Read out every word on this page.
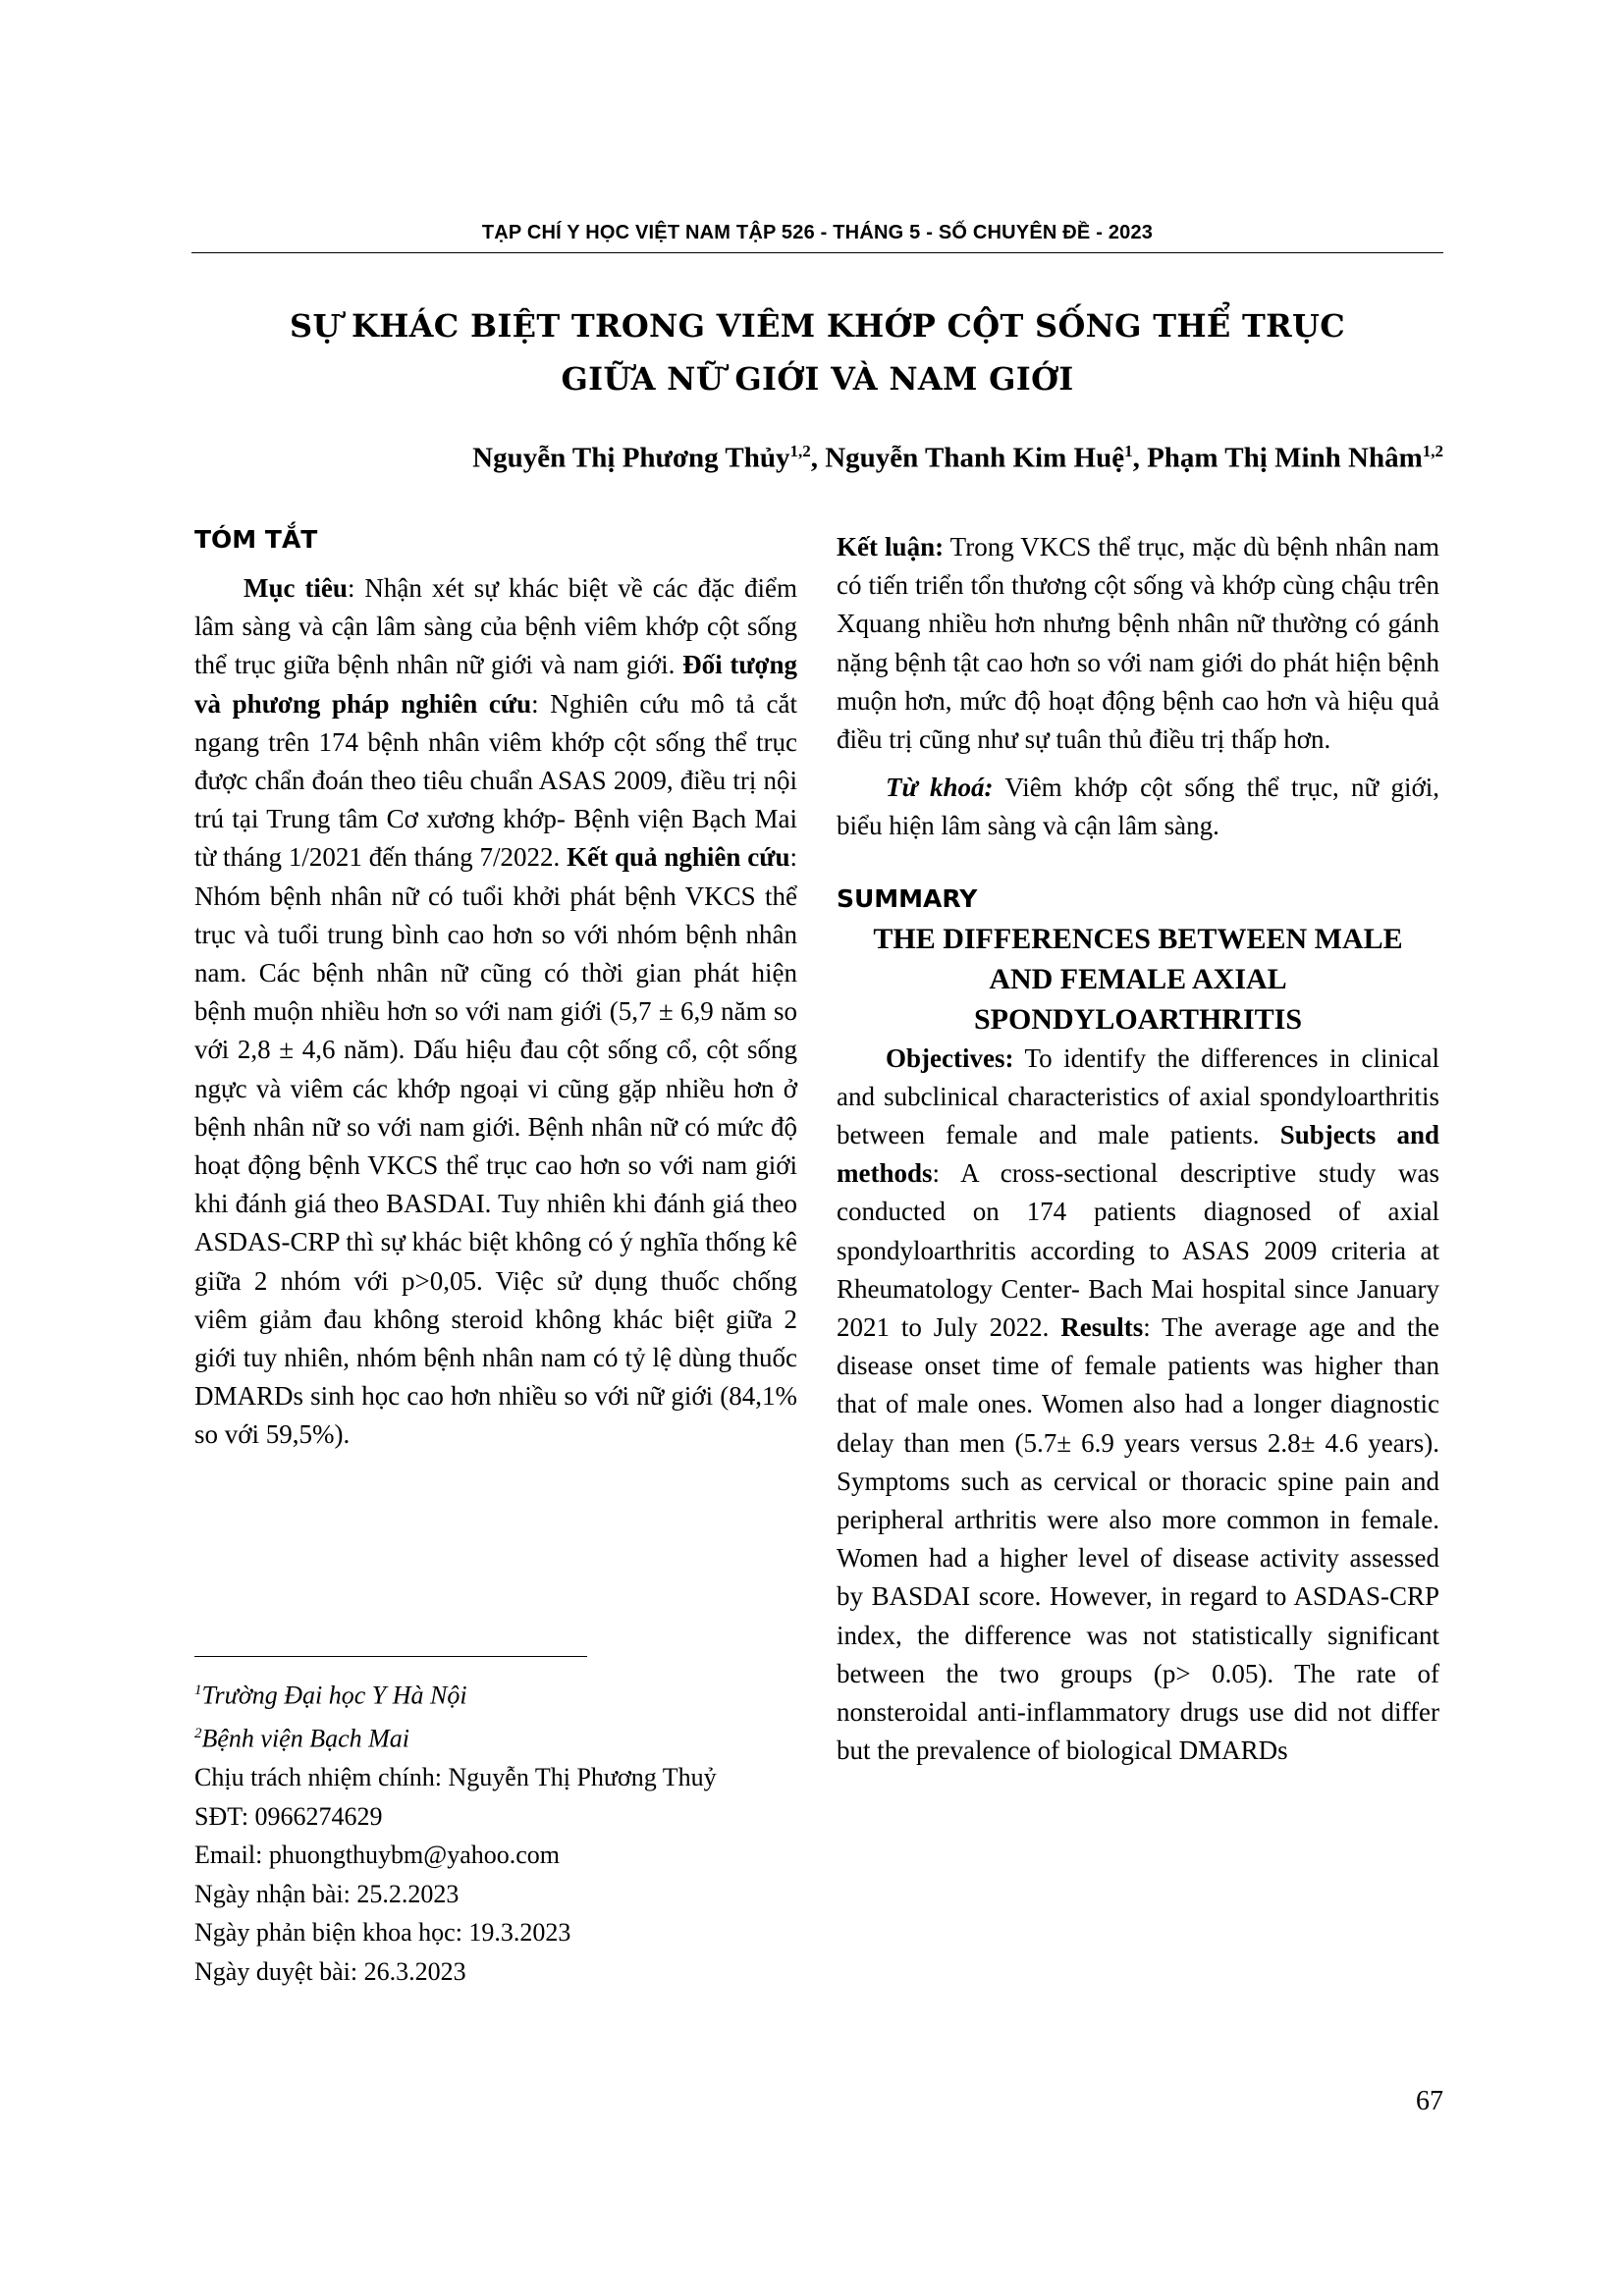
TẠP CHÍ Y HỌC VIỆT NAM TẬP 526 - THÁNG 5 - SỐ CHUYÊN ĐỀ - 2023
SỰ KHÁC BIỆT TRONG VIÊM KHỚP CỘT SỐNG THỂ TRỤC
GIỮA NỮ GIỚI VÀ NAM GIỚI
Nguyễn Thị Phương Thủy$^{1,2}$, Nguyễn Thanh Kim Huệ$^1$, Phạm Thị Minh Nhâm$^{1,2}$
TÓM TẮT

Mục tiêu: Nhận xét sự khác biệt về các đặc điểm lâm sàng và cận lâm sàng của bệnh viêm khớp cột sống thể trục giữa bệnh nhân nữ giới và nam giới. Đối tượng và phương pháp nghiên cứu: Nghiên cứu mô tả cắt ngang trên 174 bệnh nhân viêm khớp cột sống thể trục được chẩn đoán theo tiêu chuẩn ASAS 2009, điều trị nội trú tại Trung tâm Cơ xương khớp- Bệnh viện Bạch Mai từ tháng 1/2021 đến tháng 7/2022. Kết quả nghiên cứu: Nhóm bệnh nhân nữ có tuổi khởi phát bệnh VKCS thể trục và tuổi trung bình cao hơn so với nhóm bệnh nhân nam. Các bệnh nhân nữ cũng có thời gian phát hiện bệnh muộn nhiều hơn so với nam giới (5,7 ± 6,9 năm so với 2,8 ± 4,6 năm). Dấu hiệu đau cột sống cổ, cột sống ngực và viêm các khớp ngoại vi cũng gặp nhiều hơn ở bệnh nhân nữ so với nam giới. Bệnh nhân nữ có mức độ hoạt động bệnh VKCS thể trục cao hơn so với nam giới khi đánh giá theo BASDAI. Tuy nhiên khi đánh giá theo ASDAS-CRP thì sự khác biệt không có ý nghĩa thống kê giữa 2 nhóm với p>0,05. Việc sử dụng thuốc chống viêm giảm đau không steroid không khác biệt giữa 2 giới tuy nhiên, nhóm bệnh nhân nam có tỷ lệ dùng thuốc DMARDs sinh học cao hơn nhiều so với nữ giới (84,1% so với 59,5%).

$^1$Trường Đại học Y Hà Nội
$^2$Bệnh viện Bạch Mai
Chịu trách nhiệm chính: Nguyễn Thị Phương Thuỷ
SĐT: 0966274629
Email: phuongthuybm@yahoo.com
Ngày nhận bài: 25.2.2023
Ngày phản biện khoa học: 19.3.2023
Ngày duyệt bài: 26.3.2023

Kết luận: Trong VKCS thể trục, mặc dù bệnh nhân nam có tiến triển tổn thương cột sống và khớp cùng chậu trên Xquang nhiều hơn nhưng bệnh nhân nữ thường có gánh nặng bệnh tật cao hơn so với nam giới do phát hiện bệnh muộn hơn, mức độ hoạt động bệnh cao hơn và hiệu quả điều trị cũng như sự tuân thủ điều trị thấp hơn.

Từ khoá: Viêm khớp cột sống thể trục, nữ giới, biểu hiện lâm sàng và cận lâm sàng.

SUMMARY
THE DIFFERENCES BETWEEN MALE
AND FEMALE AXIAL
SPONDYLOARTHRITIS

Objectives: To identify the differences in clinical and subclinical characteristics of axial spondyloarthritis between female and male patients. Subjects and methods: A cross-sectional descriptive study was conducted on 174 patients diagnosed of axial spondyloarthritis according to ASAS 2009 criteria at Rheumatology Center- Bach Mai hospital since January 2021 to July 2022. Results: The average age and the disease onset time of female patients was higher than that of male ones. Women also had a longer diagnostic delay than men (5.7± 6.9 years versus 2.8± 4.6 years). Symptoms such as cervical or thoracic spine pain and peripheral arthritis were also more common in female. Women had a higher level of disease activity assessed by BASDAI score. However, in regard to ASDAS-CRP index, the difference was not statistically significant between the two groups (p> 0.05). The rate of nonsteroidal anti-inflammatory drugs use did not differ but the prevalence of biological DMARDs

67
